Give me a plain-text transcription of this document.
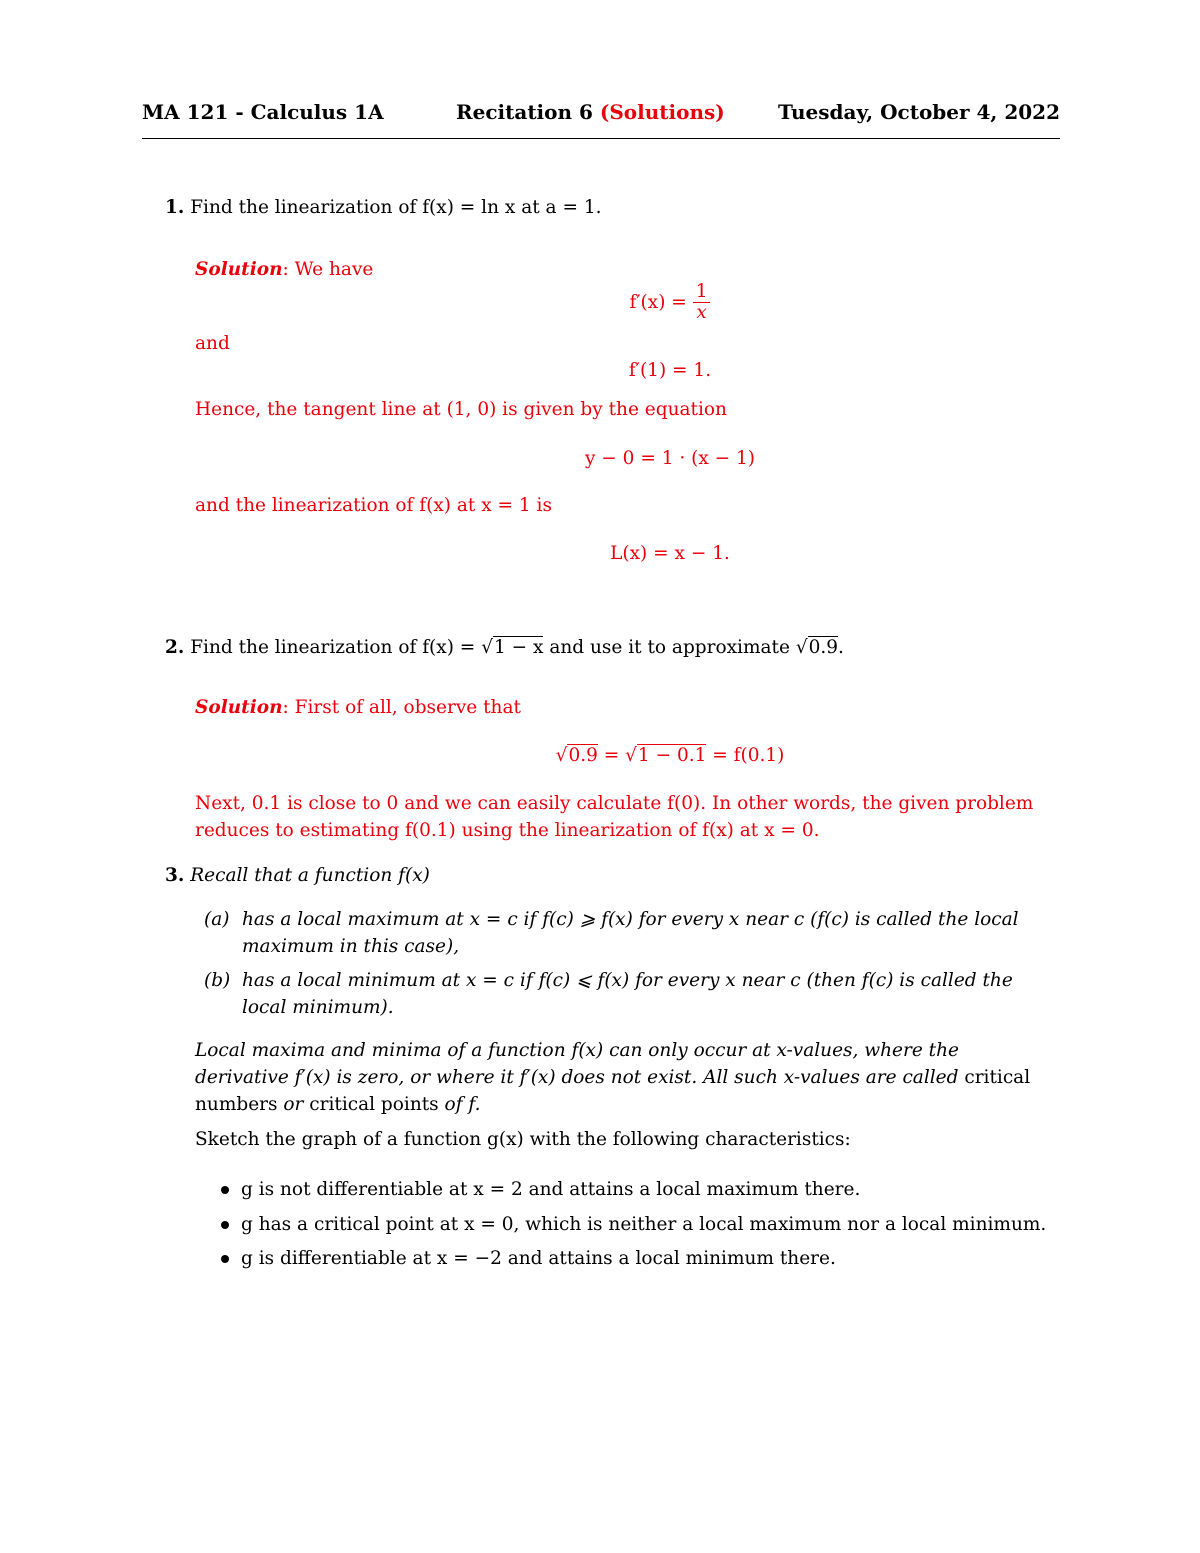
MA 121 - Calculus 1A	Recitation 6 (Solutions)	Tuesday, October 4, 2022
1. Find the linearization of f(x) = ln x at a = 1.
Solution: We have
$f'(x) = \frac{1}{x}$
and
f′(1) = 1.
Hence, the tangent line at (1, 0) is given by the equation
y − 0 = 1 · (x − 1)
and the linearization of f(x) at x = 1 is
L(x) = x − 1.
2. Find the linearization of f(x) = √1 − x and use it to approximate √0.9.
Solution: First of all, observe that
√0.9 = √1 − 0.1 = f(0.1)
Next, 0.1 is close to 0 and we can easily calculate f(0). In other words, the given problem
reduces to estimating f(0.1) using the linearization of f(x) at x = 0.
3. Recall that a function f(x)
(a) has a local maximum at x = c if f(c) ⩾ f(x) for every x near c (f(c) is called the local
maximum in this case),
(b) has a local minimum at x = c if f(c) ⩽ f(x) for every x near c (then f(c) is called the
local minimum).
Local maxima and minima of a function f(x) can only occur at x-values, where the
derivative f′(x) is zero, or where it f′(x) does not exist. All such x-values are called critical
numbers or critical points of f.
Sketch the graph of a function g(x) with the following characteristics:
g is not differentiable at x = 2 and attains a local maximum there.
g has a critical point at x = 0, which is neither a local maximum nor a local minimum.
g is differentiable at x = −2 and attains a local minimum there.
